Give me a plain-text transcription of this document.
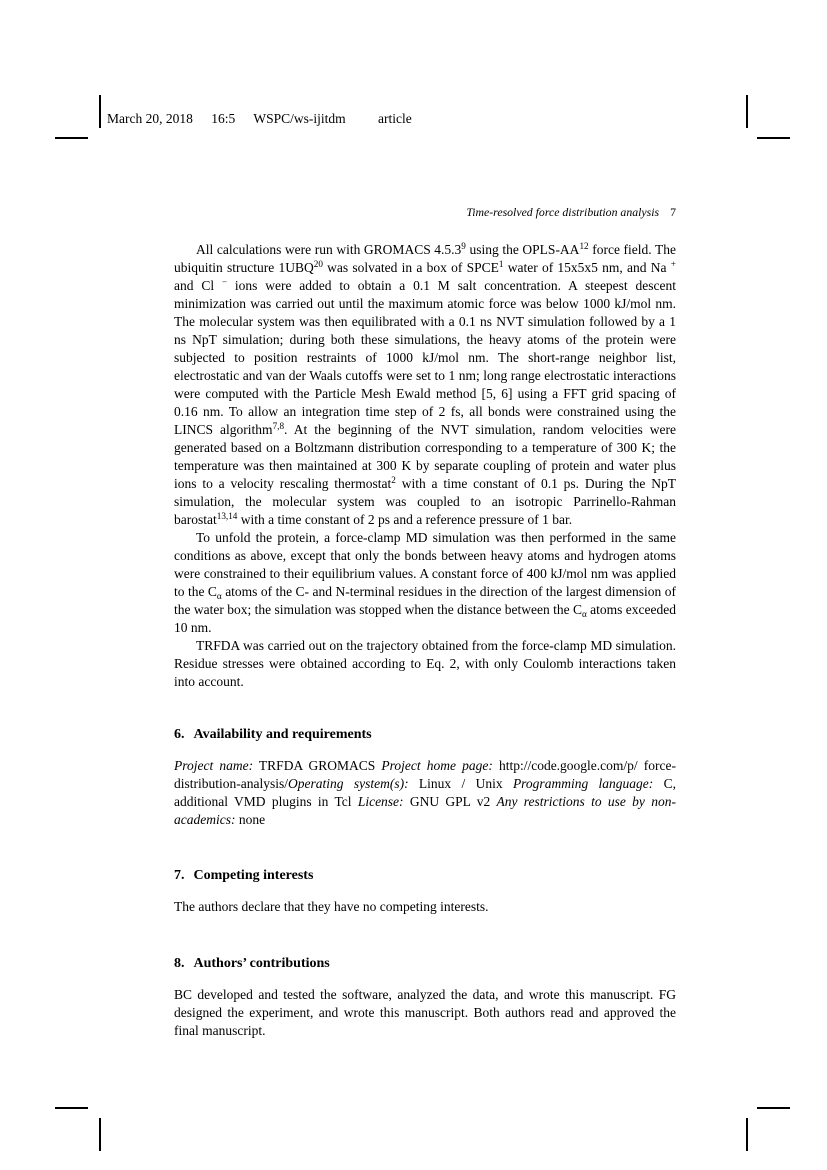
March 20, 2018 16:5 WSPC/ws-ijitdm article
Time-resolved force distribution analysis 7

All calculations were run with GROMACS 4.5.3$^9$ using the OPLS-AA$^{12}$ force field. The ubiquitin structure 1UBQ$^{20}$ was solvated in a box of SPCE$^1$ water of 15x5x5 nm, and Na + and Cl − ions were added to obtain a 0.1 M salt concentration. A steepest descent minimization was carried out until the maximum atomic force was below 1000 kJ/mol nm. The molecular system was then equilibrated with a 0.1 ns NVT simulation followed by a 1 ns NpT simulation; during both these simulations, the heavy atoms of the protein were subjected to position restraints of 1000 kJ/mol nm. The short-range neighbor list, electrostatic and van der Waals cutoffs were set to 1 nm; long range electrostatic interactions were computed with the Particle Mesh Ewald method [5, 6] using a FFT grid spacing of 0.16 nm. To allow an integration time step of 2 fs, all bonds were constrained using the LINCS algorithm$^{7,8}$. At the beginning of the NVT simulation, random velocities were generated based on a Boltzmann distribution corresponding to a temperature of 300 K; the temperature was then maintained at 300 K by separate coupling of protein and water plus ions to a velocity rescaling thermostat$^2$ with a time constant of 0.1 ps. During the NpT simulation, the molecular system was coupled to an isotropic Parrinello-Rahman barostat$^{13,14}$ with a time constant of 2 ps and a reference pressure of 1 bar.

To unfold the protein, a force-clamp MD simulation was then performed in the same conditions as above, except that only the bonds between heavy atoms and hydrogen atoms were constrained to their equilibrium values. A constant force of 400 kJ/mol nm was applied to the $C_\alpha$ atoms of the C- and N-terminal residues in the direction of the largest dimension of the water box; the simulation was stopped when the distance between the $C_\alpha$ atoms exceeded 10 nm.

TRFDA was carried out on the trajectory obtained from the force-clamp MD simulation. Residue stresses were obtained according to Eq. 2, with only Coulomb interactions taken into account.

6. Availability and requirements

Project name: TRFDA GROMACS Project home page: http://code.google.com/p/ force-distribution-analysis/Operating system(s): Linux / Unix Programming language: C, additional VMD plugins in Tcl License: GNU GPL v2 Any restrictions to use by non-academics: none

7. Competing interests

The authors declare that they have no competing interests.

8. Authors’ contributions

BC developed and tested the software, analyzed the data, and wrote this manuscript. FG designed the experiment, and wrote this manuscript. Both authors read and approved the final manuscript.
